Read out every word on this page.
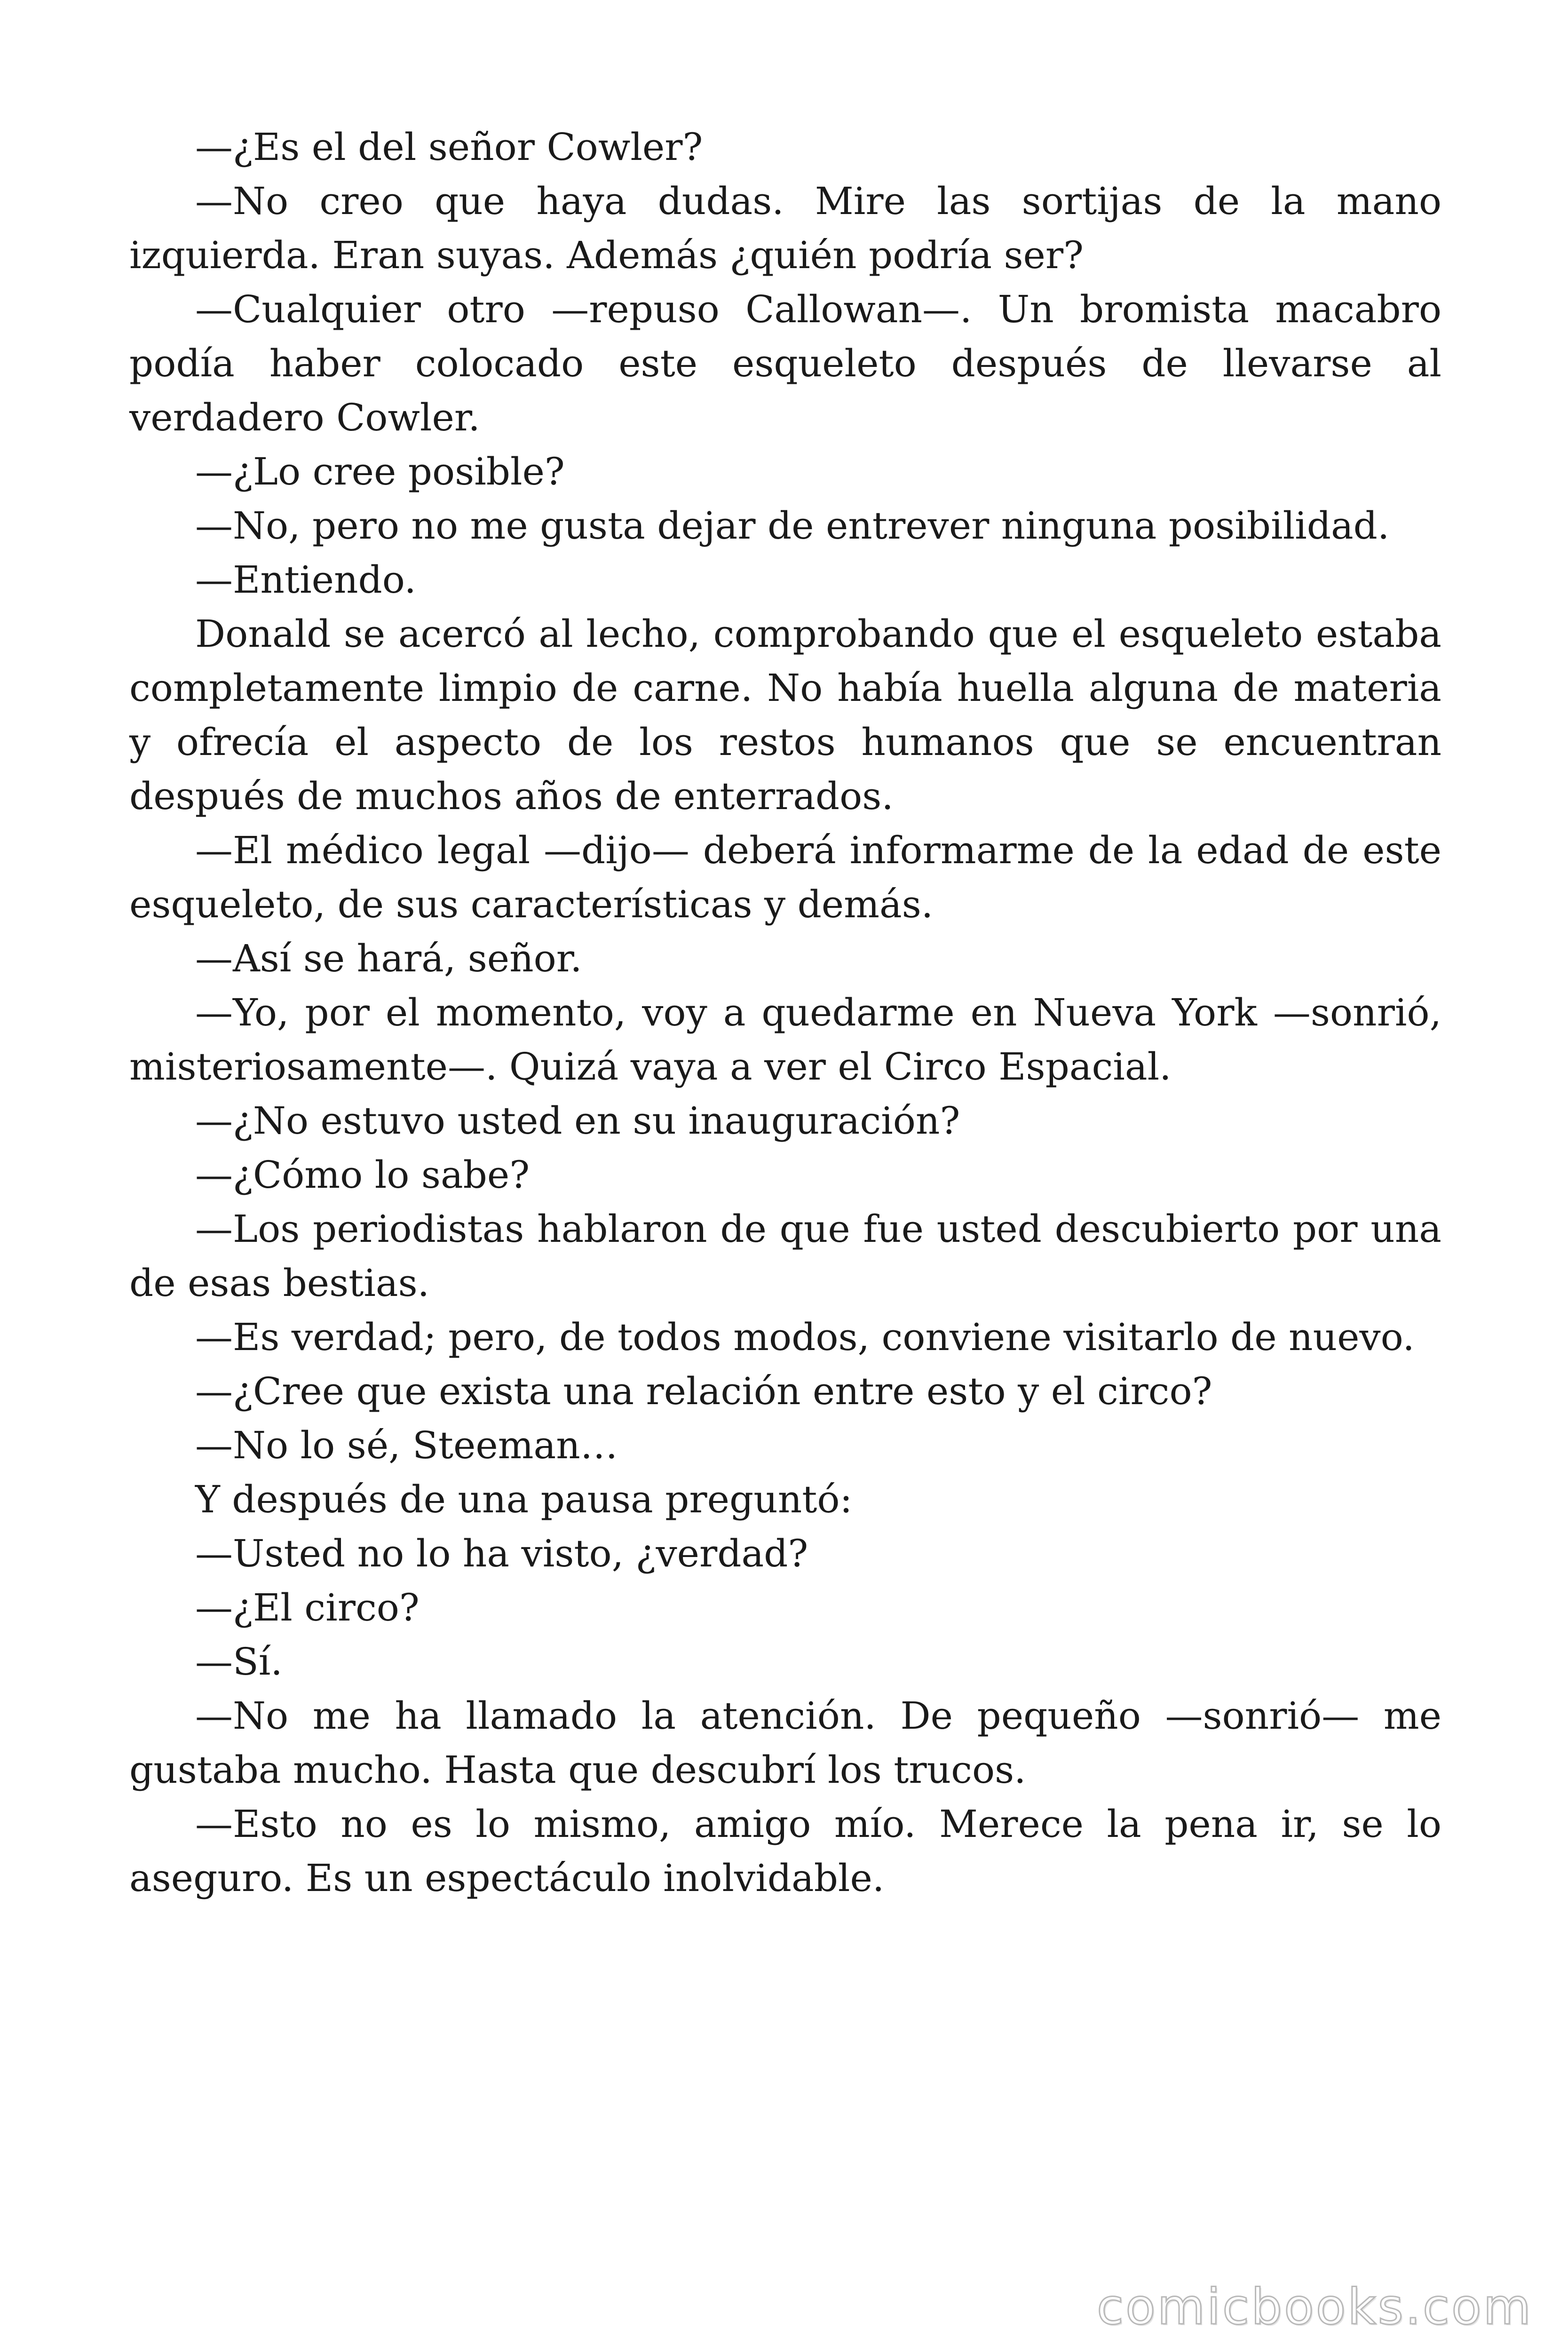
—¿Es el del señor Cowler?

—No creo que haya dudas. Mire las sortijas de la mano izquierda. Eran suyas. Además ¿quién podría ser?

—Cualquier otro —repuso Callowan—. Un bromista macabro podía haber colocado este esqueleto después de llevarse al verdadero Cowler.

—¿Lo cree posible?

—No, pero no me gusta dejar de entrever ninguna posibilidad.

—Entiendo.

Donald se acercó al lecho, comprobando que el esqueleto estaba completamente limpio de carne. No había huella alguna de materia y ofrecía el aspecto de los restos humanos que se encuentran después de muchos años de enterrados.

—El médico legal —dijo— deberá informarme de la edad de este esqueleto, de sus características y demás.

—Así se hará, señor.

—Yo, por el momento, voy a quedarme en Nueva York —sonrió, misteriosamente—. Quizá vaya a ver el Circo Espacial.

—¿No estuvo usted en su inauguración?

—¿Cómo lo sabe?

—Los periodistas hablaron de que fue usted descubierto por una de esas bestias.

—Es verdad; pero, de todos modos, conviene visitarlo de nuevo.

—¿Cree que exista una relación entre esto y el circo?

—No lo sé, Steeman…

Y después de una pausa preguntó:

—Usted no lo ha visto, ¿verdad?

—¿El circo?

—Sí.

—No me ha llamado la atención. De pequeño —sonrió— me gustaba mucho. Hasta que descubrí los trucos.

—Esto no es lo mismo, amigo mío. Merece la pena ir, se lo aseguro. Es un espectáculo inolvidable.

comicbooks.com
